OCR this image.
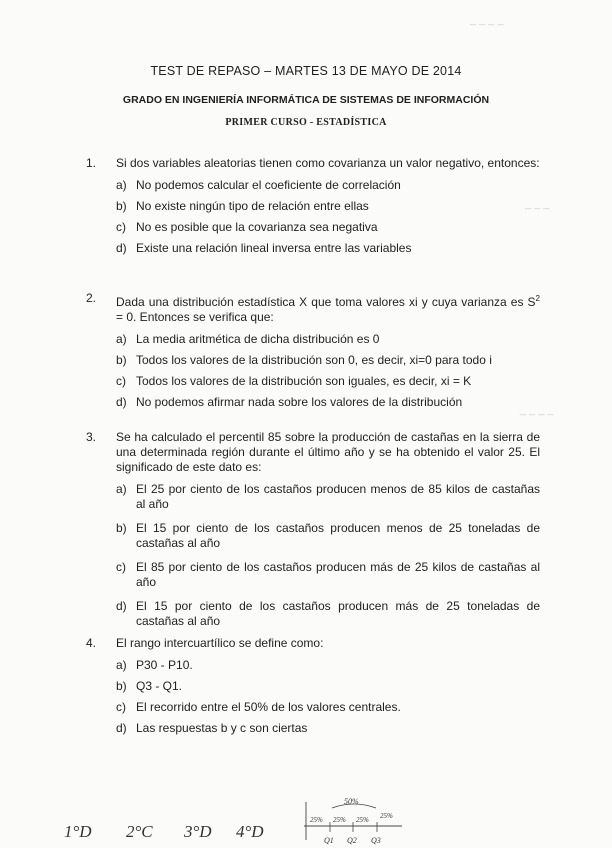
_ _ _ _
_ _ _
_ _ _ _
TEST DE REPASO – MARTES 13 DE MAYO DE 2014
GRADO EN INGENIERÍA INFORMÁTICA DE SISTEMAS DE INFORMACIÓN
PRIMER CURSO - ESTADÍSTICA
1. Si dos variables aleatorias tienen como covarianza un valor negativo, entonces:
a) No podemos calcular el coeficiente de correlación
b) No existe ningún tipo de relación entre ellas
c) No es posible que la covarianza sea negativa
d) Existe una relación lineal inversa entre las variables
2. Dada una distribución estadística X que toma valores xi y cuya varianza es $S^2 = 0$. Entonces se verifica que:
a) La media aritmética de dicha distribución es 0
b) Todos los valores de la distribución son 0, es decir, xi=0 para todo i
c) Todos los valores de la distribución son iguales, es decir, xi = K
d) No podemos afirmar nada sobre los valores de la distribución
3. Se ha calculado el percentil 85 sobre la producción de castañas en la sierra de una determinada región durante el último año y se ha obtenido el valor 25. El significado de este dato es:
a) El 25 por ciento de los castaños producen menos de 85 kilos de castañas al año
b) El 15 por ciento de los castaños producen menos de 25 toneladas de castañas al año
c) El 85 por ciento de los castaños producen más de 25 kilos de castañas al año
d) El 15 por ciento de los castaños producen más de 25 toneladas de castañas al año
4. El rango intercuartílico se define como:
a) P30 - P10.
b) Q3 - Q1.
c) El recorrido entre el 50% de los valores centrales.
d) Las respuestas b y c son ciertas
1°D 2°C 3°D 4°D
50%
25% 25% 25% 25%
Q1 Q2 Q3
